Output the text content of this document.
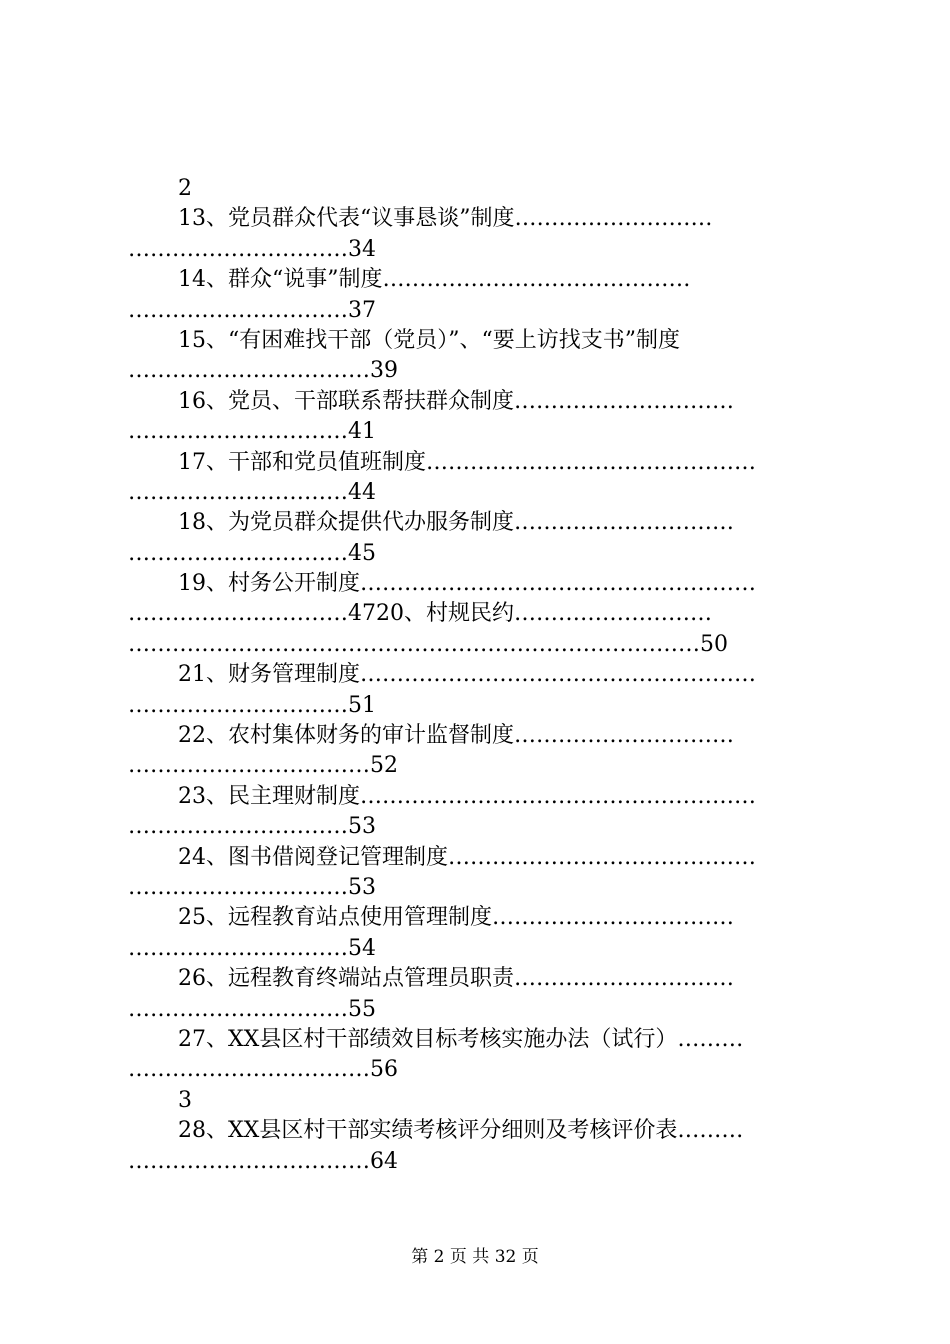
2
13、党员群众代表“议事恳谈”制度………………………
…………………………34
14、群众“说事”制度……………………………………
…………………………37
15、“有困难找干部（党员）”、“要上访找支书”制度
……………………………39
16、党员、干部联系帮扶群众制度…………………………
…………………………41
17、干部和党员值班制度………………………………………
…………………………44
18、为党员群众提供代办服务制度…………………………
…………………………45
19、村务公开制度………………………………………………
…………………………4720、村规民约………………………
……………………………………………………………………50
21、财务管理制度………………………………………………
…………………………51
22、农村集体财务的审计监督制度…………………………
……………………………52
23、民主理财制度………………………………………………
…………………………53
24、图书借阅登记管理制度……………………………………
…………………………53
25、远程教育站点使用管理制度……………………………
…………………………54
26、远程教育终端站点管理员职责…………………………
…………………………55
27、XX县区村干部绩效目标考核实施办法（试行）………
……………………………56
3
28、XX县区村干部实绩考核评分细则及考核评价表………
……………………………64
第 2 页 共 32 页
